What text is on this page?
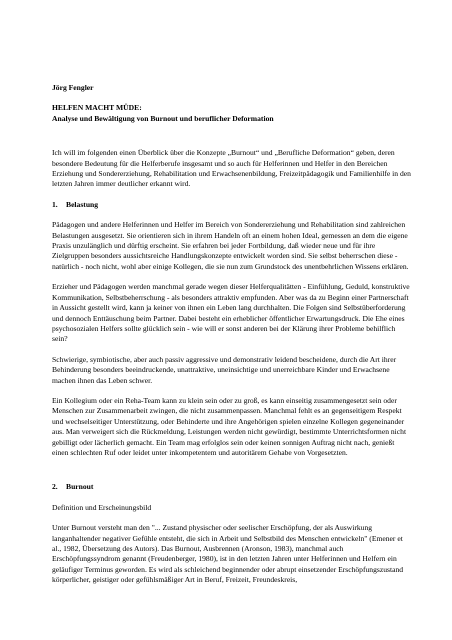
Jörg Fengler

HELFEN MACHT MÜDE:

Analyse und Bewältigung von Burnout und beruflicher Deformation

Ich will im folgenden einen Überblick über die Konzepte „Burnout“ und „Berufliche Deformation“ geben, deren besondere Bedeutung für die Helferberufe insgesamt und so auch für Helferinnen und Helfer in den Bereichen Erziehung und Sondererziehung, Rehabilitation und Erwachsenenbildung, Freizeitpädagogik und Familienhilfe in den letzten Jahren immer deutlicher erkannt wird.

1. Belastung

Pädagogen und andere Helferinnen und Helfer im Bereich von Sondererziehung und Rehabilitation sind zahlreichen Belastungen ausgesetzt. Sie orientieren sich in ihrem Handeln oft an einem hohen Ideal, gemessen an dem die eigene Praxis unzulänglich und dürftig erscheint. Sie erfahren bei jeder Fortbildung, daß wieder neue und für ihre Zielgruppen besonders aussichtsreiche Handlungskonzepte entwickelt worden sind. Sie selbst beherrschen diese - natürlich - noch nicht, wohl aber einige Kollegen, die sie nun zum Grundstock des unentbehrlichen Wissens erklären.

Erzieher und Pädagogen werden manchmal gerade wegen dieser Helferqualitätten - Einfühlung, Geduld, konstruktive Kommunikation, Selbstbeherrschung - als besonders attraktiv empfunden. Aber was da zu Beginn einer Partnerschaft in Aussicht gestellt wird, kann ja keiner von ihnen ein Leben lang durchhalten. Die Folgen sind Selbstüberforderung und dennoch Enttäuschung beim Partner. Dabei besteht ein erheblicher öffentlicher Erwartungsdruck. Die Ehe eines psychosozialen Helfers sollte glücklich sein - wie will er sonst anderen bei der Klärung ihrer Probleme behilflich sein?

Schwierige, symbiotische, aber auch passiv aggressive und demonstrativ leidend bescheidene, durch die Art ihrer Behinderung besonders beeindruckende, unattraktive, uneinsichtige und unerreichbare Kinder und Erwachsene machen ihnen das Leben schwer.

Ein Kollegium oder ein Reha-Team kann zu klein sein oder zu groß, es kann einseitig zusammengesetzt sein oder Menschen zur Zusammenarbeit zwingen, die nicht zusammenpassen. Manchmal fehlt es an gegenseitigem Respekt und wechselseitiger Unterstützung, oder Behinderte und ihre Angehörigen spielen einzelne Kollegen gegeneinander aus. Man verweigert sich die Rückmeldung, Leistungen werden nicht gewürdigt, bestimmte Unterrichtsformen nicht gebilligt oder lächerlich gemacht. Ein Team mag erfolglos sein oder keinen sonnigen Auftrag nicht nach, genießt einen schlechten Ruf oder leidet unter inkompetentem und autoritärem Gehabe von Vorgesetzten.

2. Burnout

Definition und Erscheinungsbild

Unter Burnout versteht man den "... Zustand physischer oder seelischer Erschöpfung, der als Auswirkung langanhaltender negativer Gefühle entsteht, die sich in Arbeit und Selbstbild des Menschen entwickeln" (Emener et al., 1982, Übersetzung des Autors). Das Burnout, Ausbrennen (Aronson, 1983), manchmal auch Erschöpfungssyndrom genannt (Freudenberger, 1980), ist in den letzten Jahren unter Helferinnen und Helfern ein geläufiger Terminus geworden. Es wird als schleichend beginnender oder abrupt einsetzender Erschöpfungszustand körperlicher, geistiger oder gefühlsmäßiger Art in Beruf, Freizeit, Freundeskreis,
